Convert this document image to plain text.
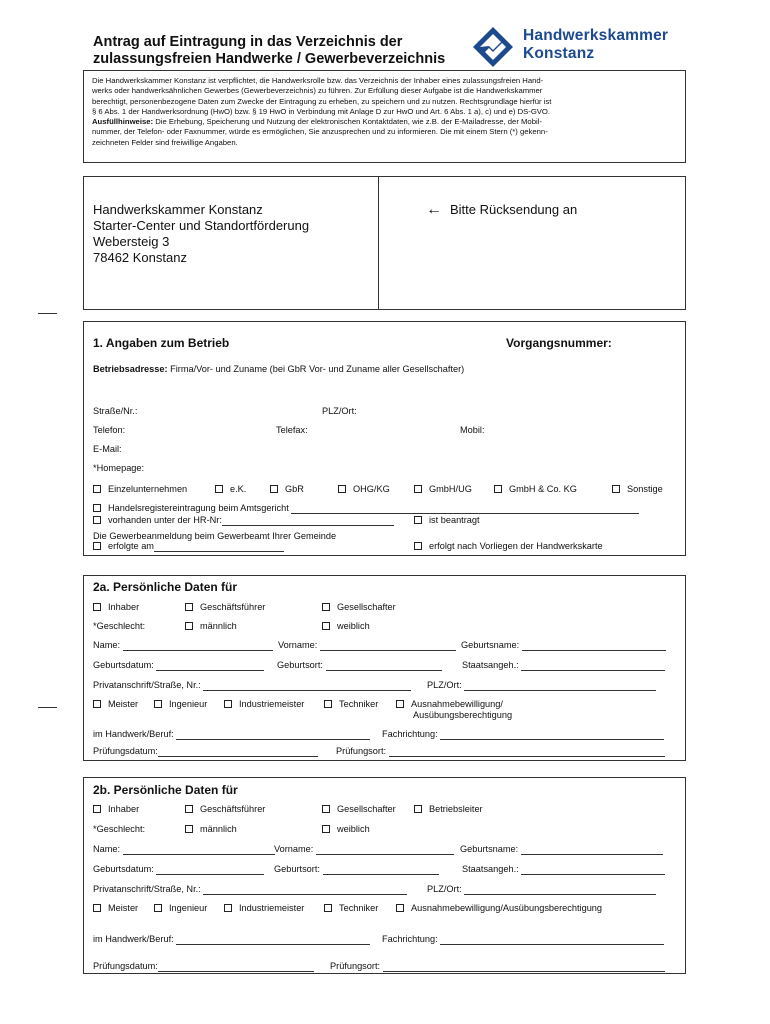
Antrag auf Eintragung in das Verzeichnis der
zulassungsfreien Handwerke / Gewerbeverzeichnis
Handwerkskammer
Konstanz
Die Handwerkskammer Konstanz ist verpflichtet, die Handwerksrolle bzw. das Verzeichnis der Inhaber eines zulassungsfreien Hand-
werks oder handwerksähnlichen Gewerbes (Gewerbeverzeichnis) zu führen. Zur Erfüllung dieser Aufgabe ist die Handwerkskammer
berechtigt, personenbezogene Daten zum Zwecke der Eintragung zu erheben, zu speichern und zu nutzen. Rechtsgrundlage hierfür ist
§ 6 Abs. 1 der Handwerksordnung (HwO) bzw. § 19 HwO in Verbindung mit Anlage D zur HwO und Art. 6 Abs. 1 a), c) und e) DS-GVO.
Ausfüllhinweise: Die Erhebung, Speicherung und Nutzung der elektronischen Kontaktdaten, wie z.B. der E-Mailadresse, der Mobil-
nummer, der Telefon- oder Faxnummer, würde es ermöglichen, Sie anzusprechen und zu informieren. Die mit einem Stern (*) gekenn-
zeichneten Felder sind freiwillige Angaben.
Handwerkskammer Konstanz
Starter-Center und Standortförderung
Webersteig 3
78462 Konstanz
← Bitte Rücksendung an
1. Angaben zum Betrieb	Vorgangsnummer:
Betriebsadresse: Firma/Vor- und Zuname (bei GbR Vor- und Zuname aller Gesellschafter)
Straße/Nr.:	PLZ/Ort:
Telefon:	Telefax:	Mobil:
E-Mail:
*Homepage:
Einzelunternehmen	e.K.	GbR	OHG/KG	GmbH/UG	GmbH & Co. KG	Sonstige
Handelsregistereintragung beim Amtsgericht
vorhanden unter der HR-Nr:	ist beantragt
Die Gewerbeanmeldung beim Gewerbeamt Ihrer Gemeinde
erfolgte am	erfolgt nach Vorliegen der Handwerkskarte
2a. Persönliche Daten für
Inhaber	Geschäftsführer	Gesellschafter
*Geschlecht:	männlich	weiblich
Name:	Vorname:	Geburtsname:
Geburtsdatum:	Geburtsort:	Staatsangeh.:
Privatanschrift/Straße, Nr.:	PLZ/Ort:
Meister	Ingenieur	Industriemeister	Techniker	Ausnahmebewilligung/
Ausübungsberechtigung
im Handwerk/Beruf:	Fachrichtung:
Prüfungsdatum:	Prüfungsort:
2b. Persönliche Daten für
Inhaber	Geschäftsführer	Gesellschafter	Betriebsleiter
*Geschlecht:	männlich	weiblich
Name:	Vorname:	Geburtsname:
Geburtsdatum:	Geburtsort:	Staatsangeh.:
Privatanschrift/Straße, Nr.:	PLZ/Ort:
Meister	Ingenieur	Industriemeister	Techniker	Ausnahmebewilligung/Ausübungsberechtigung
im Handwerk/Beruf:	Fachrichtung:
Prüfungsdatum:	Prüfungsort:
